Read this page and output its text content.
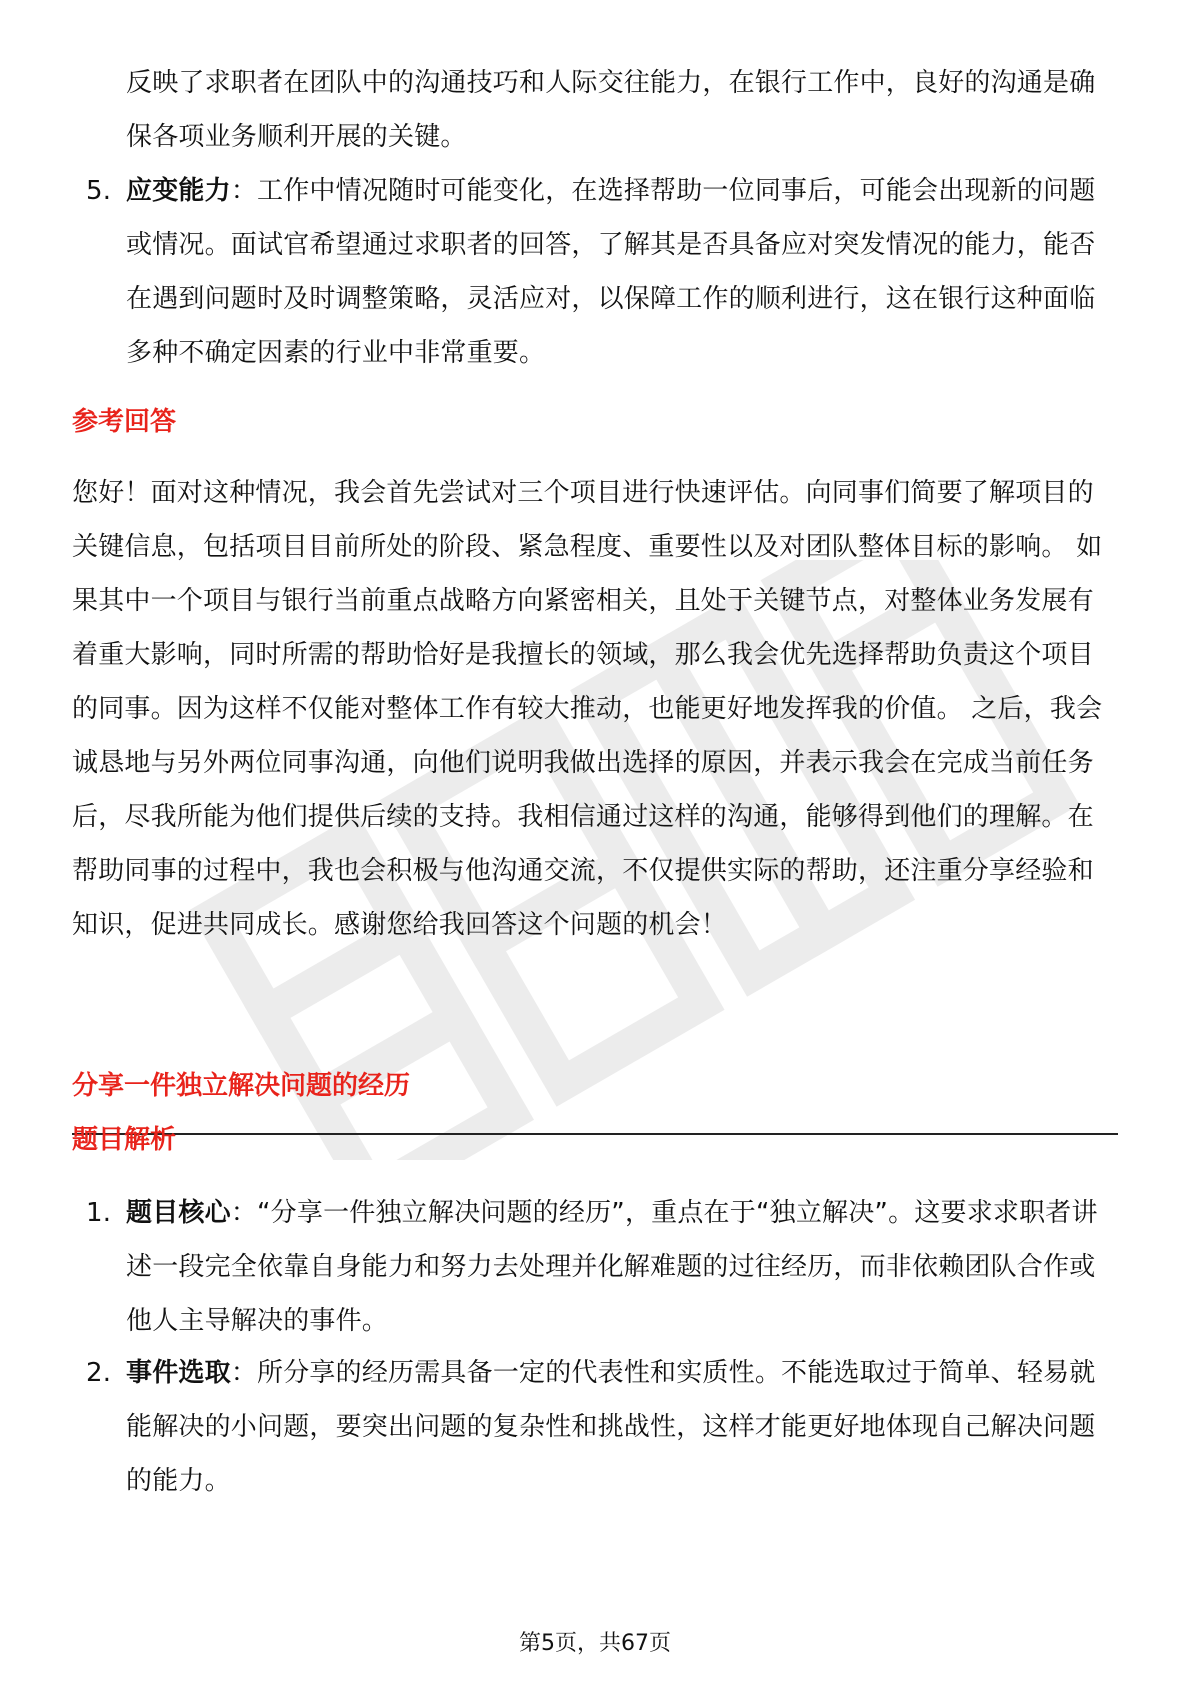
反映了求职者在团队中的沟通技巧和人际交往能力，在银行工作中，良好的沟通是确保各项业务顺利开展的关键。

5. 应变能力：工作中情况随时可能变化，在选择帮助一位同事后，可能会出现新的问题或情况。面试官希望通过求职者的回答，了解其是否具备应对突发情况的能力，能否在遇到问题时及时调整策略，灵活应对，以保障工作的顺利进行，这在银行这种面临多种不确定因素的行业中非常重要。
参考回答

您好！面对这种情况，我会首先尝试对三个项目进行快速评估。向同事们简要了解项目的关键信息，包括项目目前所处的阶段、紧急程度、重要性以及对团队整体目标的影响。 如果其中一个项目与银行当前重点战略方向紧密相关，且处于关键节点，对整体业务发展有着重大影响，同时所需的帮助恰好是我擅长的领域，那么我会优先选择帮助负责这个项目的同事。因为这样不仅能对整体工作有较大推动，也能更好地发挥我的价值。 之后，我会诚恳地与另外两位同事沟通，向他们说明我做出选择的原因，并表示我会在完成当前任务后，尽我所能为他们提供后续的支持。我相信通过这样的沟通，能够得到他们的理解。在帮助同事的过程中，我也会积极与他沟通交流，不仅提供实际的帮助，还注重分享经验和知识，促进共同成长。感谢您给我回答这个问题的机会！

分享一件独立解决问题的经历
题目解析
1. 题目核心：“分享一件独立解决问题的经历”，重点在于“独立解决”。这要求求职者讲述一段完全依靠自身能力和努力去处理并化解难题的过往经历，而非依赖团队合作或他人主导解决的事件。
2. 事件选取：所分享的经历需具备一定的代表性和实质性。不能选取过于简单、轻易就能解决的小问题，要突出问题的复杂性和挑战性，这样才能更好地体现自己解决问题的能力。
第5页，共67页
